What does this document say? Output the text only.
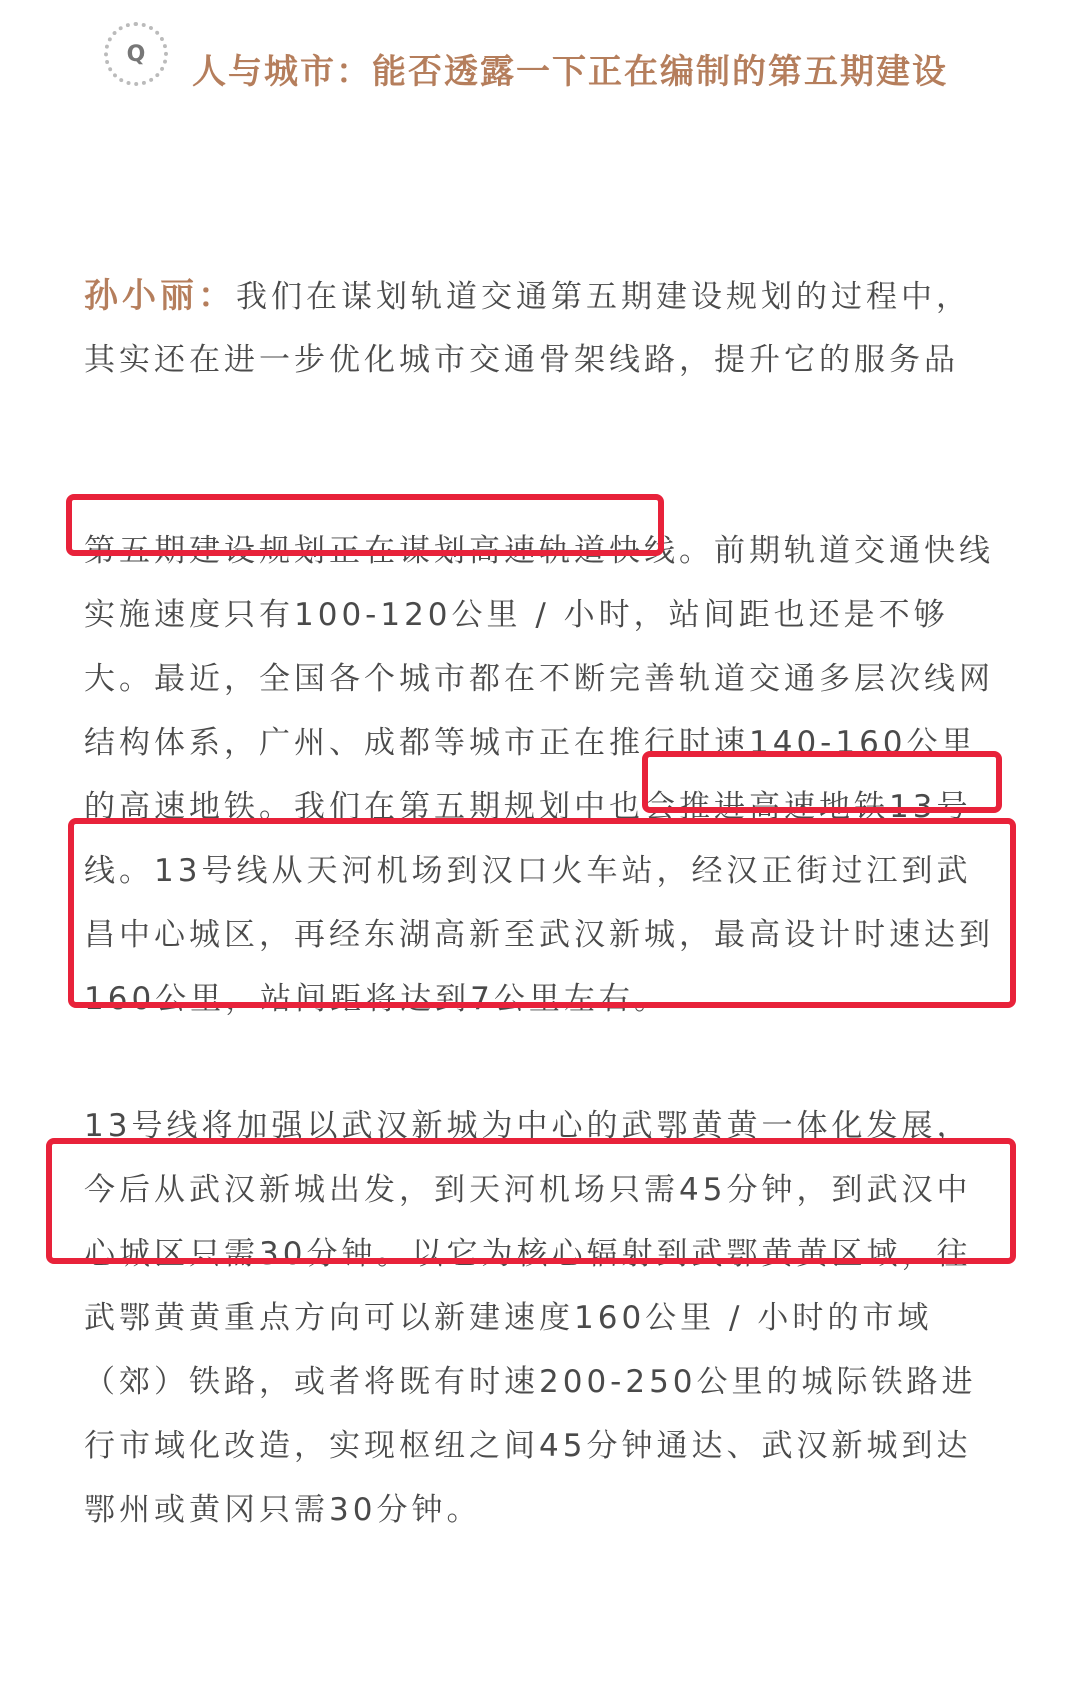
Q	人与城市：能否透露一下正在编制的第五期建设
孙小丽：我们在谋划轨道交通第五期建设规划的过程中，
其实还在进一步优化城市交通骨架线路，提升它的服务品
第五期建设规划正在谋划高速轨道快线。前期轨道交通快线
实施速度只有100-120公里 / 小时，站间距也还是不够
大。最近，全国各个城市都在不断完善轨道交通多层次线网
结构体系，广州、成都等城市正在推行时速140-160公里
的高速地铁。我们在第五期规划中也会推进高速地铁13号
线。13号线从天河机场到汉口火车站，经汉正街过江到武
昌中心城区，再经东湖高新至武汉新城，最高设计时速达到
160公里，站间距将达到7公里左右。
13号线将加强以武汉新城为中心的武鄂黄黄一体化发展，
今后从武汉新城出发，到天河机场只需45分钟，到武汉中
心城区只需30分钟。以它为核心辐射到武鄂黄黄区域，往
武鄂黄黄重点方向可以新建速度160公里 / 小时的市域
（郊）铁路，或者将既有时速200-250公里的城际铁路进
行市域化改造，实现枢纽之间45分钟通达、武汉新城到达
鄂州或黄冈只需30分钟。
